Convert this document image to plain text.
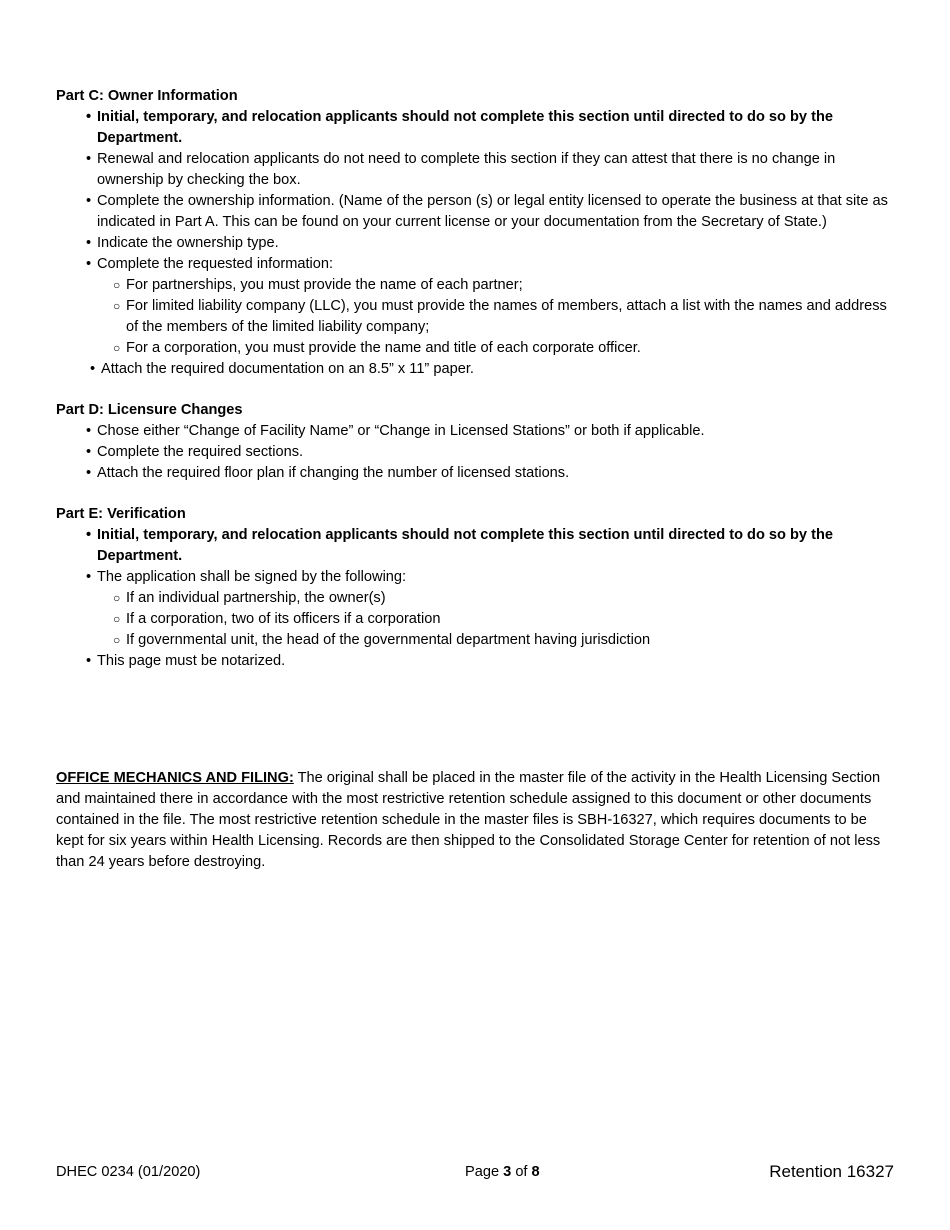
Part C: Owner Information

• Initial, temporary, and relocation applicants should not complete this section until directed to do so by the Department.
• Renewal and relocation applicants do not need to complete this section if they can attest that there is no change in ownership by checking the box.
• Complete the ownership information. (Name of the person (s) or legal entity licensed to operate the business at that site as indicated in Part A. This can be found on your current license or your documentation from the Secretary of State.)
• Indicate the ownership type.
• Complete the requested information:
○ For partnerships, you must provide the name of each partner;
○ For limited liability company (LLC), you must provide the names of members, attach a list with the names and address of the members of the limited liability company;
○ For a corporation, you must provide the name and title of each corporate officer.
• Attach the required documentation on an 8.5” x 11” paper.

Part D: Licensure Changes

• Chose either “Change of Facility Name” or “Change in Licensed Stations” or both if applicable.
• Complete the required sections.
• Attach the required floor plan if changing the number of licensed stations.

Part E: Verification

• Initial, temporary, and relocation applicants should not complete this section until directed to do so by the Department.
• The application shall be signed by the following:
○ If an individual partnership, the owner(s)
○ If a corporation, two of its officers if a corporation
○ If governmental unit, the head of the governmental department having jurisdiction
• This page must be notarized.

OFFICE MECHANICS AND FILING: The original shall be placed in the master file of the activity in the Health Licensing Section and maintained there in accordance with the most restrictive retention schedule assigned to this document or other documents contained in the file. The most restrictive retention schedule in the master files is SBH-16327, which requires documents to be kept for six years within Health Licensing. Records are then shipped to the Consolidated Storage Center for retention of not less than 24 years before destroying.

DHEC 0234 (01/2020)	Page 3 of 8	Retention 16327
